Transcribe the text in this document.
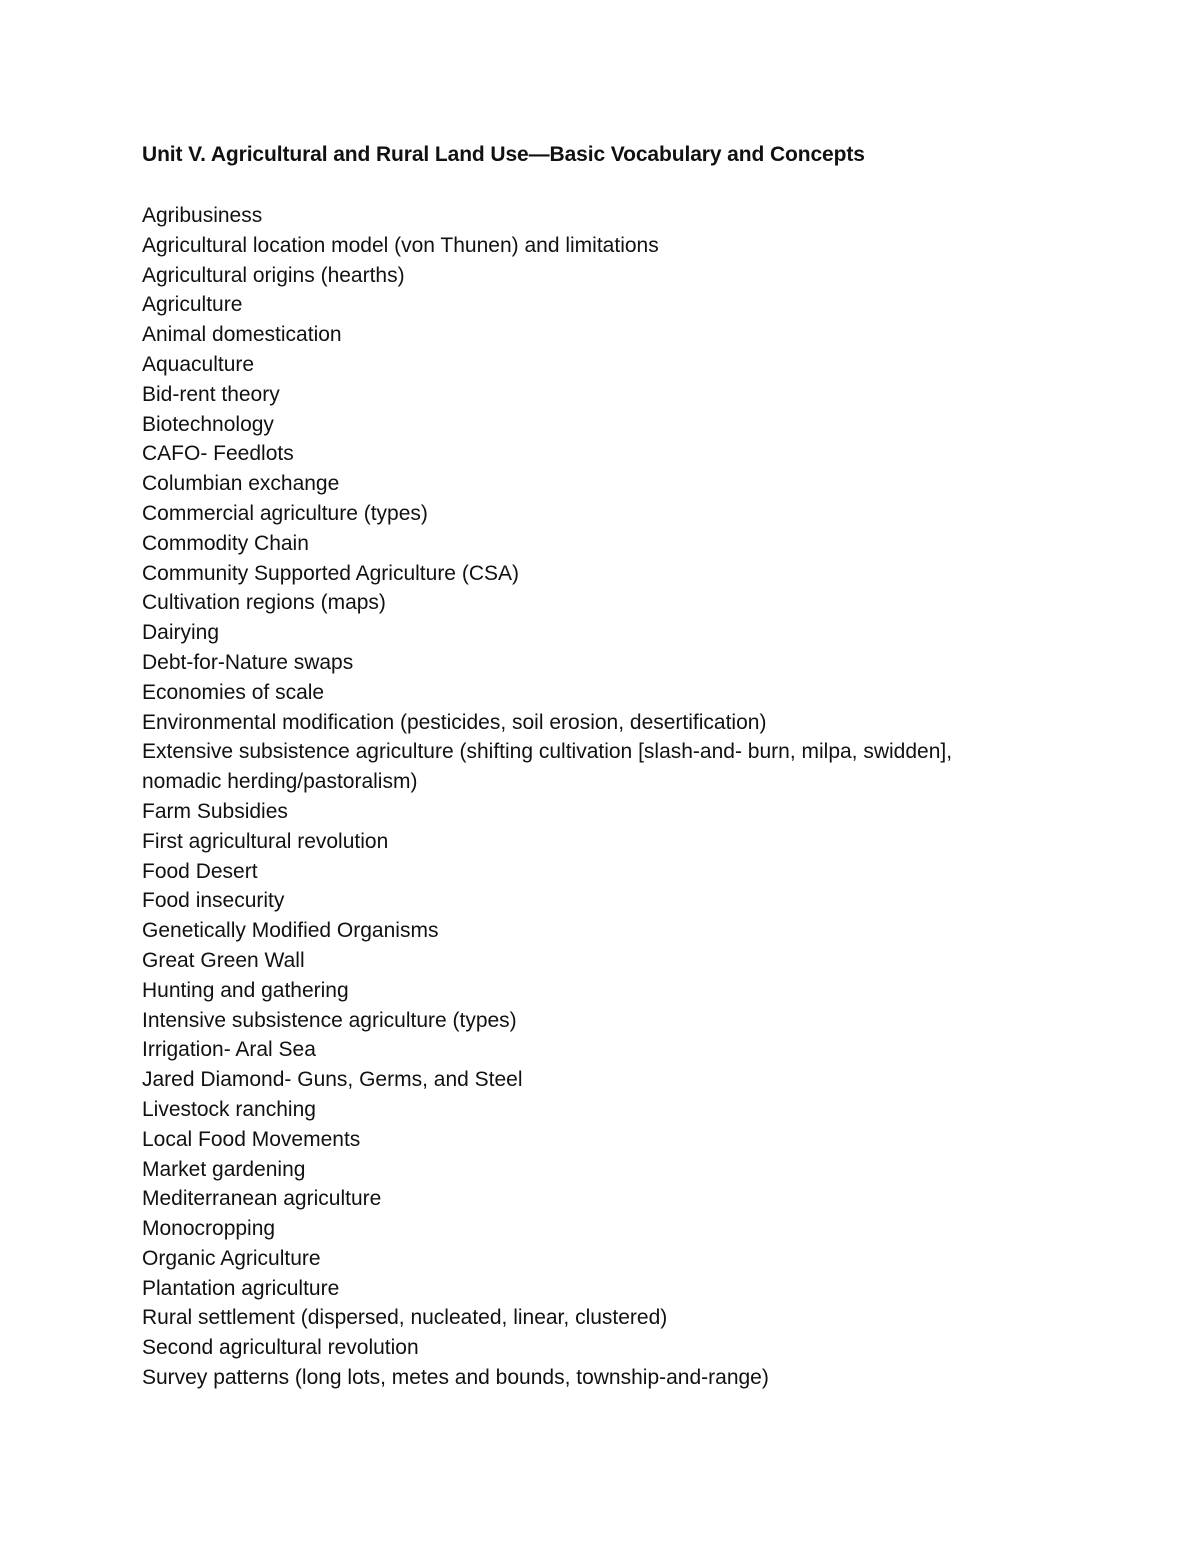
Unit V. Agricultural and Rural Land Use—Basic Vocabulary and Concepts
Agribusiness
Agricultural location model (von Thunen) and limitations
Agricultural origins (hearths)
Agriculture
Animal domestication
Aquaculture
Bid-rent theory
Biotechnology
CAFO- Feedlots
Columbian exchange
Commercial agriculture (types)
Commodity Chain
Community Supported Agriculture (CSA)
Cultivation regions (maps)
Dairying
Debt-for-Nature swaps
Economies of scale
Environmental modification (pesticides, soil erosion, desertification)
Extensive subsistence agriculture (shifting cultivation [slash-and- burn, milpa, swidden], nomadic herding/pastoralism)
Farm Subsidies
First agricultural revolution
Food Desert
Food insecurity
Genetically Modified Organisms
Great Green Wall
Hunting and gathering
Intensive subsistence agriculture (types)
Irrigation- Aral Sea
Jared Diamond- Guns, Germs, and Steel
Livestock ranching
Local Food Movements
Market gardening
Mediterranean agriculture
Monocropping
Organic Agriculture
Plantation agriculture
Rural settlement (dispersed, nucleated, linear, clustered)
Second agricultural revolution
Survey patterns (long lots, metes and bounds, township-and-range)
